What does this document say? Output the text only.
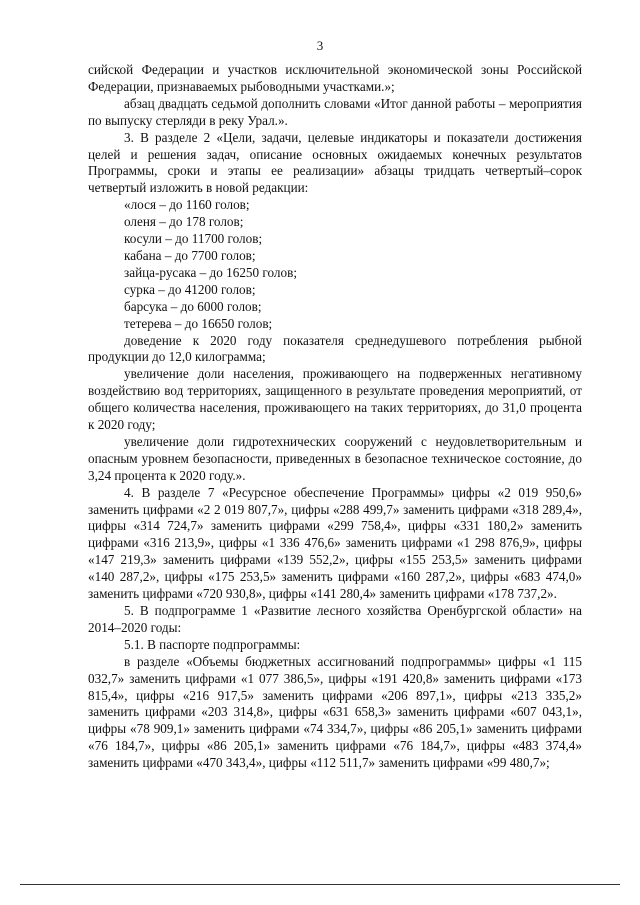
3

сийской Федерации и участков исключительной экономической зоны Российской Федерации, признаваемых рыбоводными участками.»;

абзац двадцать седьмой дополнить словами «Итог данной работы – мероприятия по выпуску стерляди в реку Урал.».

3. В разделе 2 «Цели, задачи, целевые индикаторы и показатели достижения целей и решения задач, описание основных ожидаемых конечных результатов Программы, сроки и этапы ее реализации» абзацы тридцать четвертый–сорок четвертый изложить в новой редакции:

«лося – до 1160 голов;

оленя – до 178 голов;

косули – до 11700 голов;

кабана – до 7700 голов;

зайца-русака – до 16250 голов;

сурка – до 41200 голов;

барсука – до 6000 голов;

тетерева – до 16650 голов;

доведение к 2020 году показателя среднедушевого потребления рыбной продукции до 12,0 килограмма;

увеличение доли населения, проживающего на подверженных негативному воздействию вод территориях, защищенного в результате проведения мероприятий, от общего количества населения, проживающего на таких территориях, до 31,0 процента к 2020 году;

увеличение доли гидротехнических сооружений с неудовлетворительным и опасным уровнем безопасности, приведенных в безопасное техническое состояние, до 3,24 процента к 2020 году.».

4. В разделе 7 «Ресурсное обеспечение Программы» цифры «2 019 950,6» заменить цифрами «2 2 019 807,7», цифры «288 499,7» заменить цифрами «318 289,4», цифры «314 724,7» заменить цифрами «299 758,4», цифры «331 180,2» заменить цифрами «316 213,9», цифры «1 336 476,6» заменить цифрами «1 298 876,9», цифры «147 219,3» заменить цифрами «139 552,2», цифры «155 253,5» заменить цифрами «140 287,2», цифры «175 253,5» заменить цифрами «160 287,2», цифры «683 474,0» заменить цифрами «720 930,8», цифры «141 280,4» заменить цифрами «178 737,2».

5. В подпрограмме 1 «Развитие лесного хозяйства Оренбургской области» на 2014–2020 годы:

5.1. В паспорте подпрограммы:

в разделе «Объемы бюджетных ассигнований подпрограммы» цифры «1 115 032,7» заменить цифрами «1 077 386,5», цифры «191 420,8» заменить цифрами «173 815,4», цифры «216 917,5» заменить цифрами «206 897,1», цифры «213 335,2» заменить цифрами «203 314,8», цифры «631 658,3» заменить цифрами «607 043,1», цифры «78 909,1» заменить цифрами «74 334,7», цифры «86 205,1» заменить цифрами «76 184,7», цифры «86 205,1» заменить цифрами «76 184,7», цифры «483 374,4» заменить цифрами «470 343,4», цифры «112 511,7» заменить цифрами «99 480,7»;
